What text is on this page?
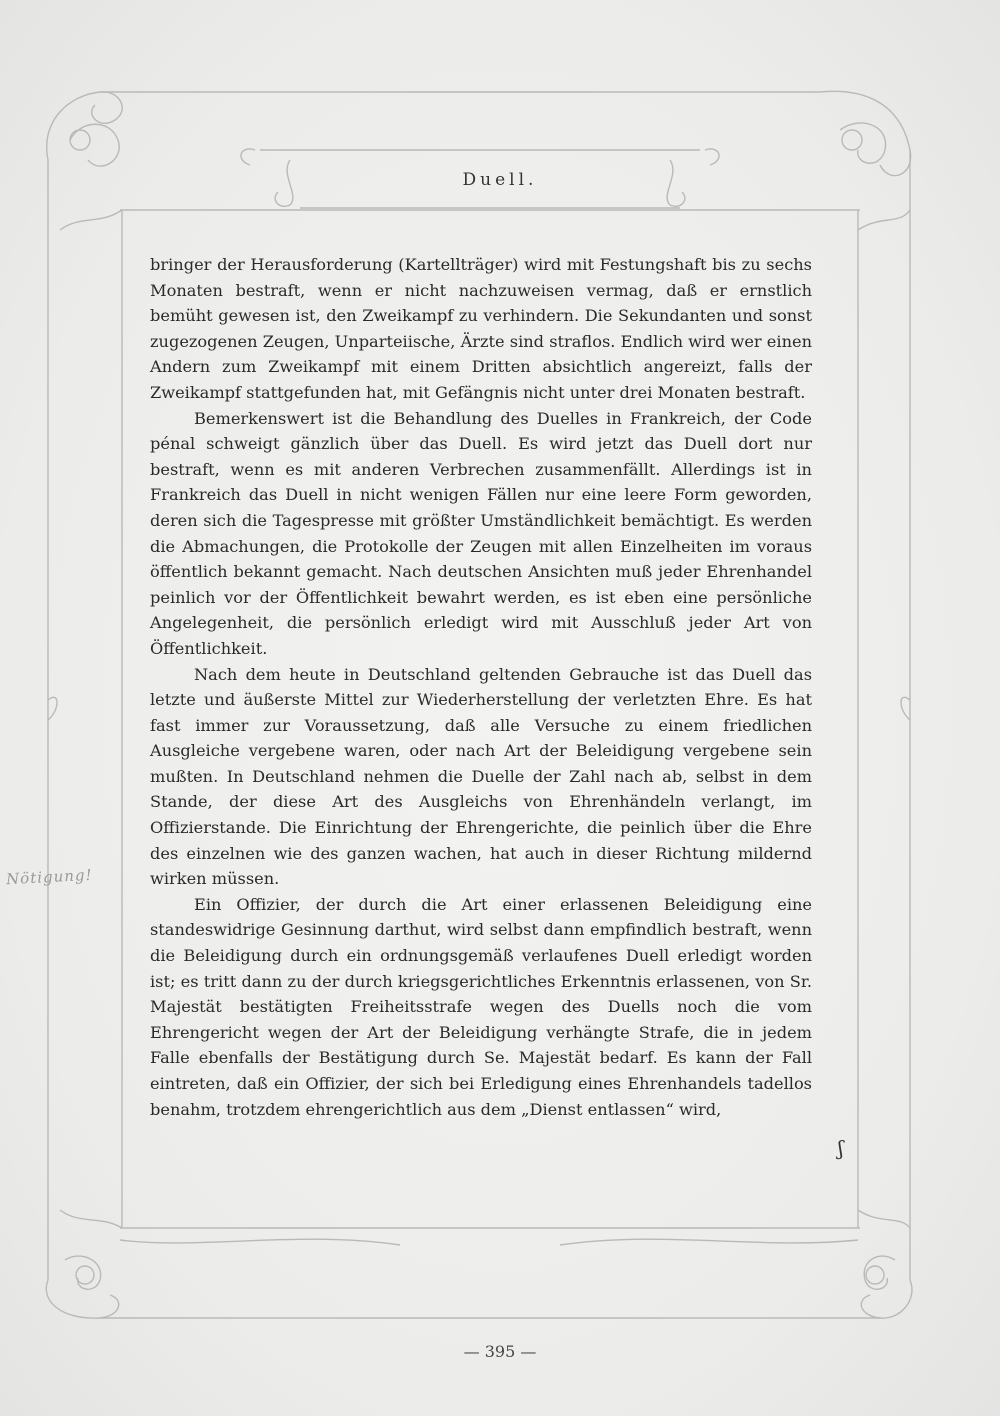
Duell.

bringer der Herausforderung (Kartellträger) wird mit Festungshaft bis zu sechs Monaten bestraft, wenn er nicht nachzuweisen vermag, daß er ernstlich bemüht gewesen ist, den Zweikampf zu verhindern. Die Sekundanten und sonst zugezogenen Zeugen, Unparteiische, Ärzte sind straflos. Endlich wird wer einen Andern zum Zweikampf mit einem Dritten absichtlich angereizt, falls der Zweikampf stattgefunden hat, mit Gefängnis nicht unter drei Monaten bestraft.

Bemerkenswert ist die Behandlung des Duelles in Frankreich, der Code pénal schweigt gänzlich über das Duell. Es wird jetzt das Duell dort nur bestraft, wenn es mit anderen Verbrechen zusammenfällt. Allerdings ist in Frankreich das Duell in nicht wenigen Fällen nur eine leere Form geworden, deren sich die Tagespresse mit größter Umständlichkeit bemächtigt. Es werden die Abmachungen, die Protokolle der Zeugen mit allen Einzelheiten im voraus öffentlich bekannt gemacht. Nach deutschen Ansichten muß jeder Ehrenhandel peinlich vor der Öffentlichkeit bewahrt werden, es ist eben eine persönliche Angelegenheit, die persönlich erledigt wird mit Ausschluß jeder Art von Öffentlichkeit.

Nach dem heute in Deutschland geltenden Gebrauche ist das Duell das letzte und äußerste Mittel zur Wiederherstellung der verletzten Ehre. Es hat fast immer zur Voraussetzung, daß alle Versuche zu einem friedlichen Ausgleiche vergebene waren, oder nach Art der Beleidigung vergebene sein mußten. In Deutschland nehmen die Duelle der Zahl nach ab, selbst in dem Stande, der diese Art des Ausgleichs von Ehrenhändeln verlangt, im Offizierstande. Die Einrichtung der Ehrengerichte, die peinlich über die Ehre des einzelnen wie des ganzen wachen, hat auch in dieser Richtung mildernd wirken müssen.

Ein Offizier, der durch die Art einer erlassenen Beleidigung eine standeswidrige Gesinnung darthut, wird selbst dann empfindlich bestraft, wenn die Beleidigung durch ein ordnungsgemäß verlaufenes Duell erledigt worden ist; es tritt dann zu der durch kriegsgerichtliches Erkenntnis erlassenen, von Sr. Majestät bestätigten Freiheitsstrafe wegen des Duells noch die vom Ehrengericht wegen der Art der Beleidigung verhängte Strafe, die in jedem Falle ebenfalls der Bestätigung durch Se. Majestät bedarf. Es kann der Fall eintreten, daß ein Offizier, der sich bei Erledigung eines Ehrenhandels tadellos benahm, trotzdem ehrengerichtlich aus dem „Dienst entlassen“ wird,

Nötigung!
ʃ
— 395 —
